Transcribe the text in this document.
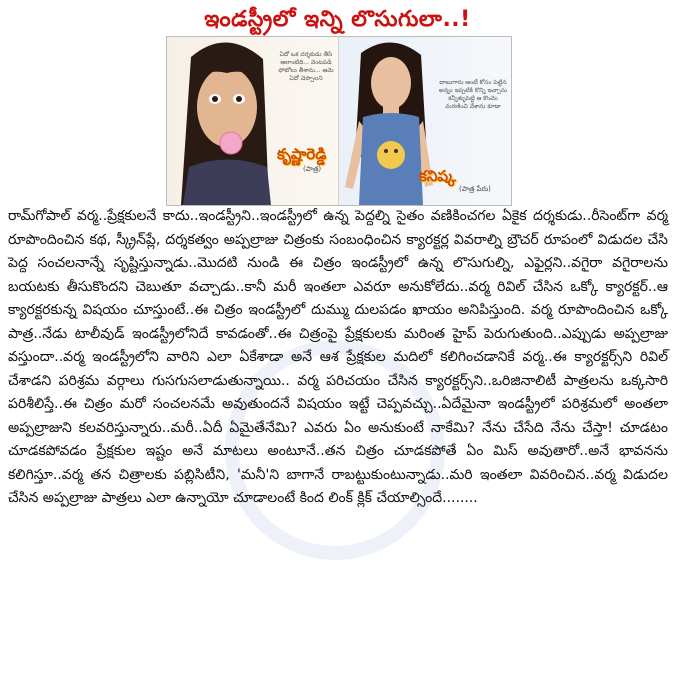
ఇండస్ట్రీలో ఇన్ని లొసుగులా..!
ఏదో ఒక దర్శకుడు తీసి ఆలాంటిది... వెంటపడి ఫోటోలు తీశాను... ఆమె ఏదో చెప్పాలని
కృష్ణారెడ్డి
(పాత్ర)
దాబుగారు ఆంటీ కోసం పెట్టిన అన్నం ఇప్పటికి కొన్ని ఇచ్చాను కన్నీళ్ళుపెట్టి ఆ కొంచెం మరణించి వేశాను కూడా
కనిష్క
(పాత్ర పేరు)

రామ్‌గోపాల్ వర్మ..ప్రేక్షకులనే కాదు..ఇండస్ట్రీని..ఇండస్ట్రీలో ఉన్న పెద్దల్ని సైతం వణికించగల ఏకైక దర్శకుడు..రీసెంట్‌గా వర్మ రూపొందించిన కథ, స్క్రీన్‌ప్లే, దర్శకత్వం అప్పల్రాజు చిత్రంకు సంబంధించిన క్యారక్టర్ల వివరాల్ని బ్రౌచర్ రూపంలో విడుదల చేసి పెద్ద సంచలనాన్నే సృష్టిస్తున్నాడు..మొదటి నుండి ఈ చిత్రం ఇండస్ట్రీలో ఉన్న లొసుగుల్ని, ఎఫైర్లని..వగైరా వగైరాలను బయటకు తీసుకొందని చెబుతూ వచ్చాడు..కానీ మరీ ఇంతలా ఎవరూ అనుకోలేదు..వర్మ రివిల్ చేసిన ఒక్కో క్యారక్టర్..ఆ క్యారక్టరకున్న విషయం చూస్తుంటే..ఈ చిత్రం ఇండస్ట్రీలో దుమ్ము దులపడం ఖాయం అనిపిస్తుంది. వర్మ రూపొందించిన ఒక్కో పాత్ర..నేడు టాలీవుడ్ ఇండస్ట్రీలోనిదే కావడంతో..ఈ చిత్రంపై ప్రేక్షకులకు మరింత హైప్ పెరుగుతుంది..ఎప్పుడు అప్పల్రాజు వస్తుందా..వర్మ ఇండస్ట్రీలోని వారిని ఎలా ఏకేశాడా అనే ఆశ ప్రేక్షకుల మదిలో కలిగించడానికే వర్మ..ఈ క్యారక్టర్స్‌ని రివిల్ చేశాడని పరిశ్రమ వర్గాలు గుసగుసలాడుతున్నాయి.. వర్మ పరిచయం చేసిన క్యారక్టర్స్‌ని..ఒరిజినాలిటీ పాత్రలను ఒక్కసారి పరిశీలిస్తే..ఈ చిత్రం మరో సంచలనమే అవుతుందనే విషయం ఇట్టే చెప్పవచ్చు..ఏదేమైనా ఇండస్ట్రీలో పరిశ్రమలో అంతలా అప్పల్రాజుని కలవరిస్తున్నారు..మరీ..ఏదీ ఏమైతేనేమి? ఎవరు ఏం అనుకుంటే నాకేమి? నేను చేసేది నేను చేస్తా! చూడటం చూడకపోవడం ప్రేక్షకుల ఇష్టం అనే మాటలు అంటూనే..తన చిత్రం చూడకపోతే ఏం మిస్ అవుతారో..అనే భావనను కలిగిస్తూ..వర్మ తన చిత్రాలకు పబ్లిసిటీని, 'మనీ'ని బాగానే రాబట్టుకుంటున్నాడు..మరి ఇంతలా వివరించిన..వర్మ విడుదల చేసిన అప్పల్రాజు పాత్రలు ఎలా ఉన్నాయో చూడాలంటే కింద లింక్ క్లిక్ చేయాల్సిందే........
